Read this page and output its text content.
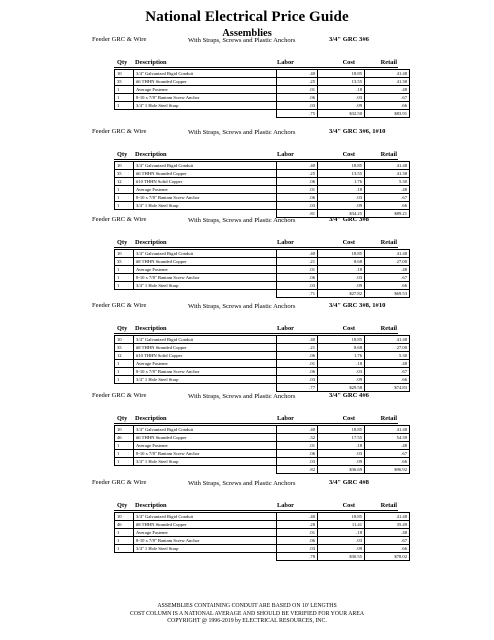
National Electrical Price Guide
Assemblies
Feeder GRC & Wire	With Straps, Screws and Plastic Anchors	3/4" GRC 3#6
Qty Description	Labor	Cost	Retail
10	3/4" Galvanized Rigid Conduit	.40	18.85	41.48
35	#6 THHN Stranded Copper	.25	13.55	41.38
1	Average Fastener	.01	.18	.48
1	8-10 x 7/8" Bantam Screw Anchor	.06	.03	.67
1	3/4" 1 Hole Steel Strap	.03	.09	.66
		.75	$32.50	$83.91
Feeder GRC & Wire	With Straps, Screws and Plastic Anchors	3/4" GRC 3#6, 1#10
Qty Description	Labor	Cost	Retail
10	3/4" Galvanized Rigid Conduit	.40	18.85	41.48
35	#6 THHN Stranded Copper	.25	13.55	41.38
12	#10 THHN Solid Copper	.06	1.76	5.30
1	Average Fastener	.01	.18	.48
1	8-10 x 7/8" Bantam Screw Anchor	.06	.03	.67
1	3/4" 1 Hole Steel Strap	.03	.09	.66
		.81	$34.25	$89.21
Feeder GRC & Wire	With Straps, Screws and Plastic Anchors	3/4" GRC 3#8
Qty Description	Labor	Cost	Retail
10	3/4" Galvanized Rigid Conduit	.40	18.85	41.48
35	#8 THHN Stranded Copper	.21	8.68	27.00
1	Average Fastener	.01	.18	.48
1	8-10 x 7/8" Bantam Screw Anchor	.06	.03	.67
1	3/4" 1 Hole Steel Strap	.03	.09	.66
		.71	$27.82	$69.53
Feeder GRC & Wire	With Straps, Screws and Plastic Anchors	3/4" GRC 3#8, 1#10
Qty Description	Labor	Cost	Retail
10	3/4" Galvanized Rigid Conduit	.40	18.85	41.48
35	#8 THHN Stranded Copper	.21	8.68	27.00
12	#10 THHN Solid Copper	.06	1.76	5.30
1	Average Fastener	.01	.18	.48
1	8-10 x 7/8" Bantam Screw Anchor	.06	.03	.67
1	3/4" 1 Hole Steel Strap	.03	.09	.66
		.77	$29.58	$74.83
Feeder GRC & Wire	With Straps, Screws and Plastic Anchors	3/4" GRC 4#6
Qty Description	Labor	Cost	Retail
10	3/4" Galvanized Rigid Conduit	.40	18.85	41.48
46	#6 THHN Stranded Copper	.32	17.55	54.39
1	Average Fastener	.01	.18	.48
1	8-10 x 7/8" Bantam Screw Anchor	.06	.03	.67
1	3/4" 1 Hole Steel Strap	.03	.09	.66
		.82	$36.69	$96.92
Feeder GRC & Wire	With Straps, Screws and Plastic Anchors	3/4" GRC 4#8
Qty Description	Labor	Cost	Retail
10	3/4" Galvanized Rigid Conduit	.40	18.85	41.48
46	#8 THHN Stranded Copper	.28	11.41	35.49
1	Average Fastener	.01	.18	.48
1	8-10 x 7/8" Bantam Screw Anchor	.06	.03	.67
1	3/4" 1 Hole Steel Strap	.03	.09	.66
		.78	$30.55	$78.02
ASSEMBLIES CONTAINING CONDUIT ARE BASED ON 10' LENGTHS
COST COLUMN IS A NATIONAL AVERAGE AND SHOULD BE VERIFIED FOR YOUR AREA
COPYRIGHT @ 1996-2019 by ELECTRICAL RESOURCES, INC.
